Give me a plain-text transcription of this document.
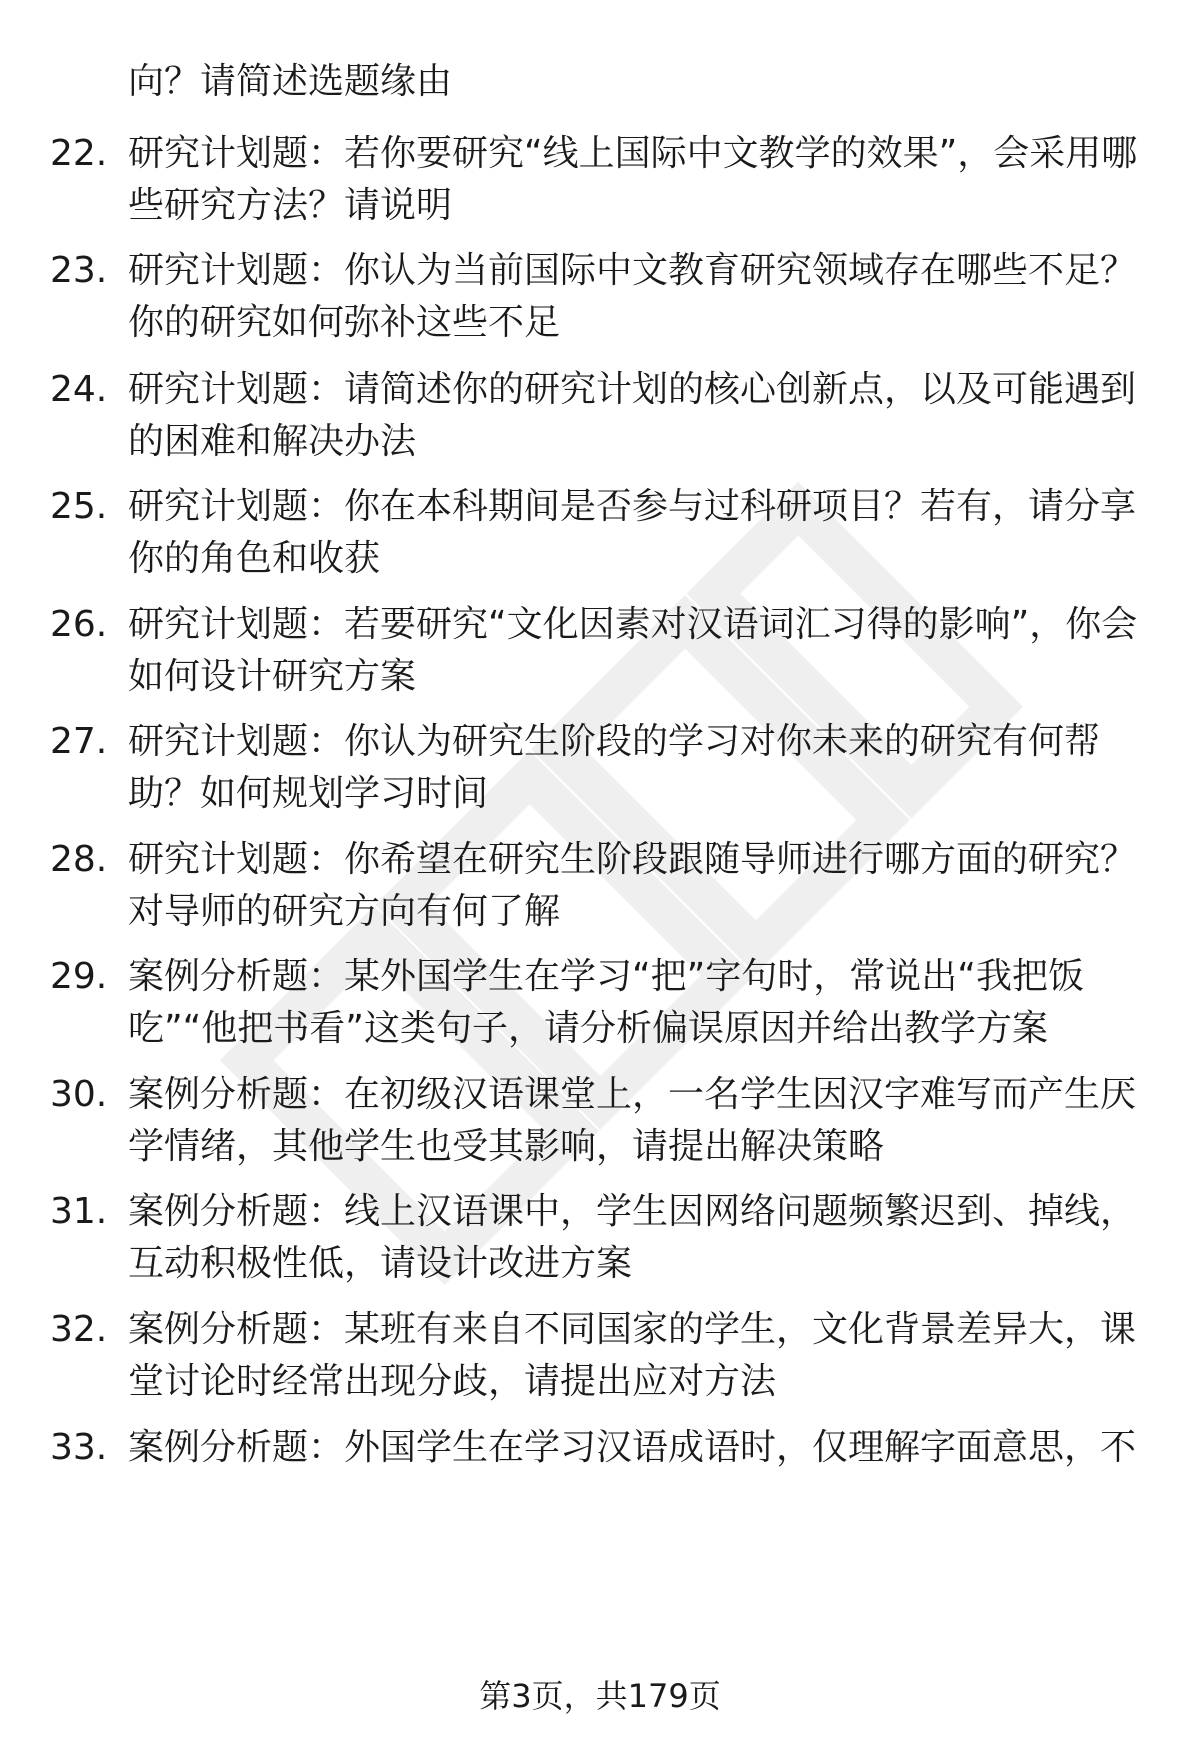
向？请简述选题缘由

22. 研究计划题：若你要研究“线上国际中文教学的效果”，会采用哪些研究方法？请说明
23. 研究计划题：你认为当前国际中文教育研究领域存在哪些不足？你的研究如何弥补这些不足
24. 研究计划题：请简述你的研究计划的核心创新点，以及可能遇到的困难和解决办法
25. 研究计划题：你在本科期间是否参与过科研项目？若有，请分享你的角色和收获
26. 研究计划题：若要研究“文化因素对汉语词汇习得的影响”，你会如何设计研究方案
27. 研究计划题：你认为研究生阶段的学习对你未来的研究有何帮助？如何规划学习时间
28. 研究计划题：你希望在研究生阶段跟随导师进行哪方面的研究？对导师的研究方向有何了解
29. 案例分析题：某外国学生在学习“把”字句时，常说出“我把饭吃”“他把书看”这类句子，请分析偏误原因并给出教学方案
30. 案例分析题：在初级汉语课堂上，一名学生因汉字难写而产生厌学情绪，其他学生也受其影响，请提出解决策略
31. 案例分析题：线上汉语课中，学生因网络问题频繁迟到、掉线，互动积极性低，请设计改进方案
32. 案例分析题：某班有来自不同国家的学生，文化背景差异大，课堂讨论时经常出现分歧，请提出应对方法
33. 案例分析题：外国学生在学习汉语成语时，仅理解字面意思，不
第3页，共179页
